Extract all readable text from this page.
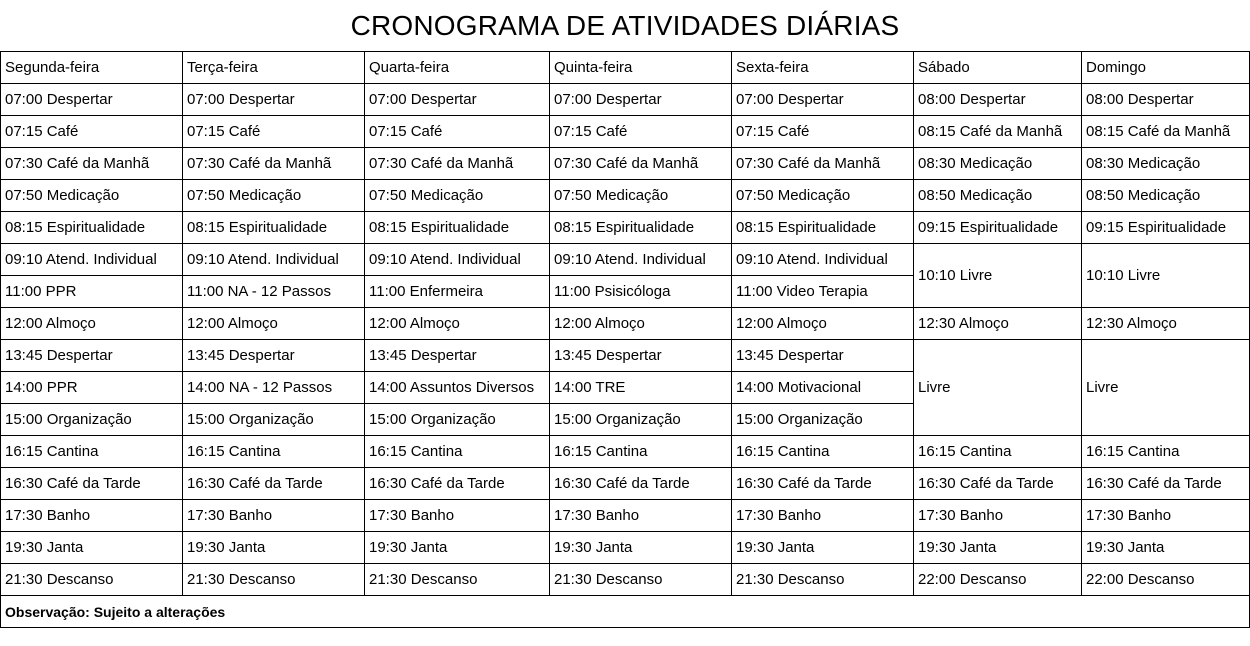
CRONOGRAMA DE ATIVIDADES DIÁRIAS
Segunda-feira	Terça-feira	Quarta-feira	Quinta-feira	Sexta-feira	Sábado	Domingo
07:00 Despertar	07:00 Despertar	07:00 Despertar	07:00 Despertar	07:00 Despertar	08:00 Despertar	08:00 Despertar
07:15 Café	07:15 Café	07:15 Café	07:15 Café	07:15 Café	08:15 Café da Manhã	08:15 Café da Manhã
07:30 Café da Manhã	07:30 Café da Manhã	07:30 Café da Manhã	07:30 Café da Manhã	07:30 Café da Manhã	08:30 Medicação	08:30 Medicação
07:50 Medicação	07:50 Medicação	07:50 Medicação	07:50 Medicação	07:50 Medicação	08:50 Medicação	08:50 Medicação
08:15 Espiritualidade	08:15 Espiritualidade	08:15 Espiritualidade	08:15 Espiritualidade	08:15 Espiritualidade	09:15 Espiritualidade	09:15 Espiritualidade
09:10 Atend. Individual	09:10 Atend. Individual	09:10 Atend. Individual	09:10 Atend. Individual	09:10 Atend. Individual	10:10 Livre	10:10 Livre
11:00 PPR	11:00 NA - 12 Passos	11:00 Enfermeira	11:00 Psisicóloga	11:00 Video Terapia		
12:00 Almoço	12:00 Almoço	12:00 Almoço	12:00 Almoço	12:00 Almoço	12:30 Almoço	12:30 Almoço
13:45 Despertar	13:45 Despertar	13:45 Despertar	13:45 Despertar	13:45 Despertar	Livre	Livre
14:00 PPR	14:00 NA - 12 Passos	14:00 Assuntos Diversos	14:00 TRE	14:00 Motivacional		
15:00 Organização	15:00 Organização	15:00 Organização	15:00 Organização	15:00 Organização		
16:15 Cantina	16:15 Cantina	16:15 Cantina	16:15 Cantina	16:15 Cantina	16:15 Cantina	16:15 Cantina
16:30 Café da Tarde	16:30 Café da Tarde	16:30 Café da Tarde	16:30 Café da Tarde	16:30 Café da Tarde	16:30 Café da Tarde	16:30 Café da Tarde
17:30 Banho	17:30 Banho	17:30 Banho	17:30 Banho	17:30 Banho	17:30 Banho	17:30 Banho
19:30 Janta	19:30 Janta	19:30 Janta	19:30 Janta	19:30 Janta	19:30 Janta	19:30 Janta
21:30 Descanso	21:30 Descanso	21:30 Descanso	21:30 Descanso	21:30 Descanso	22:00 Descanso	22:00 Descanso
Observação: Sujeito a alterações						
